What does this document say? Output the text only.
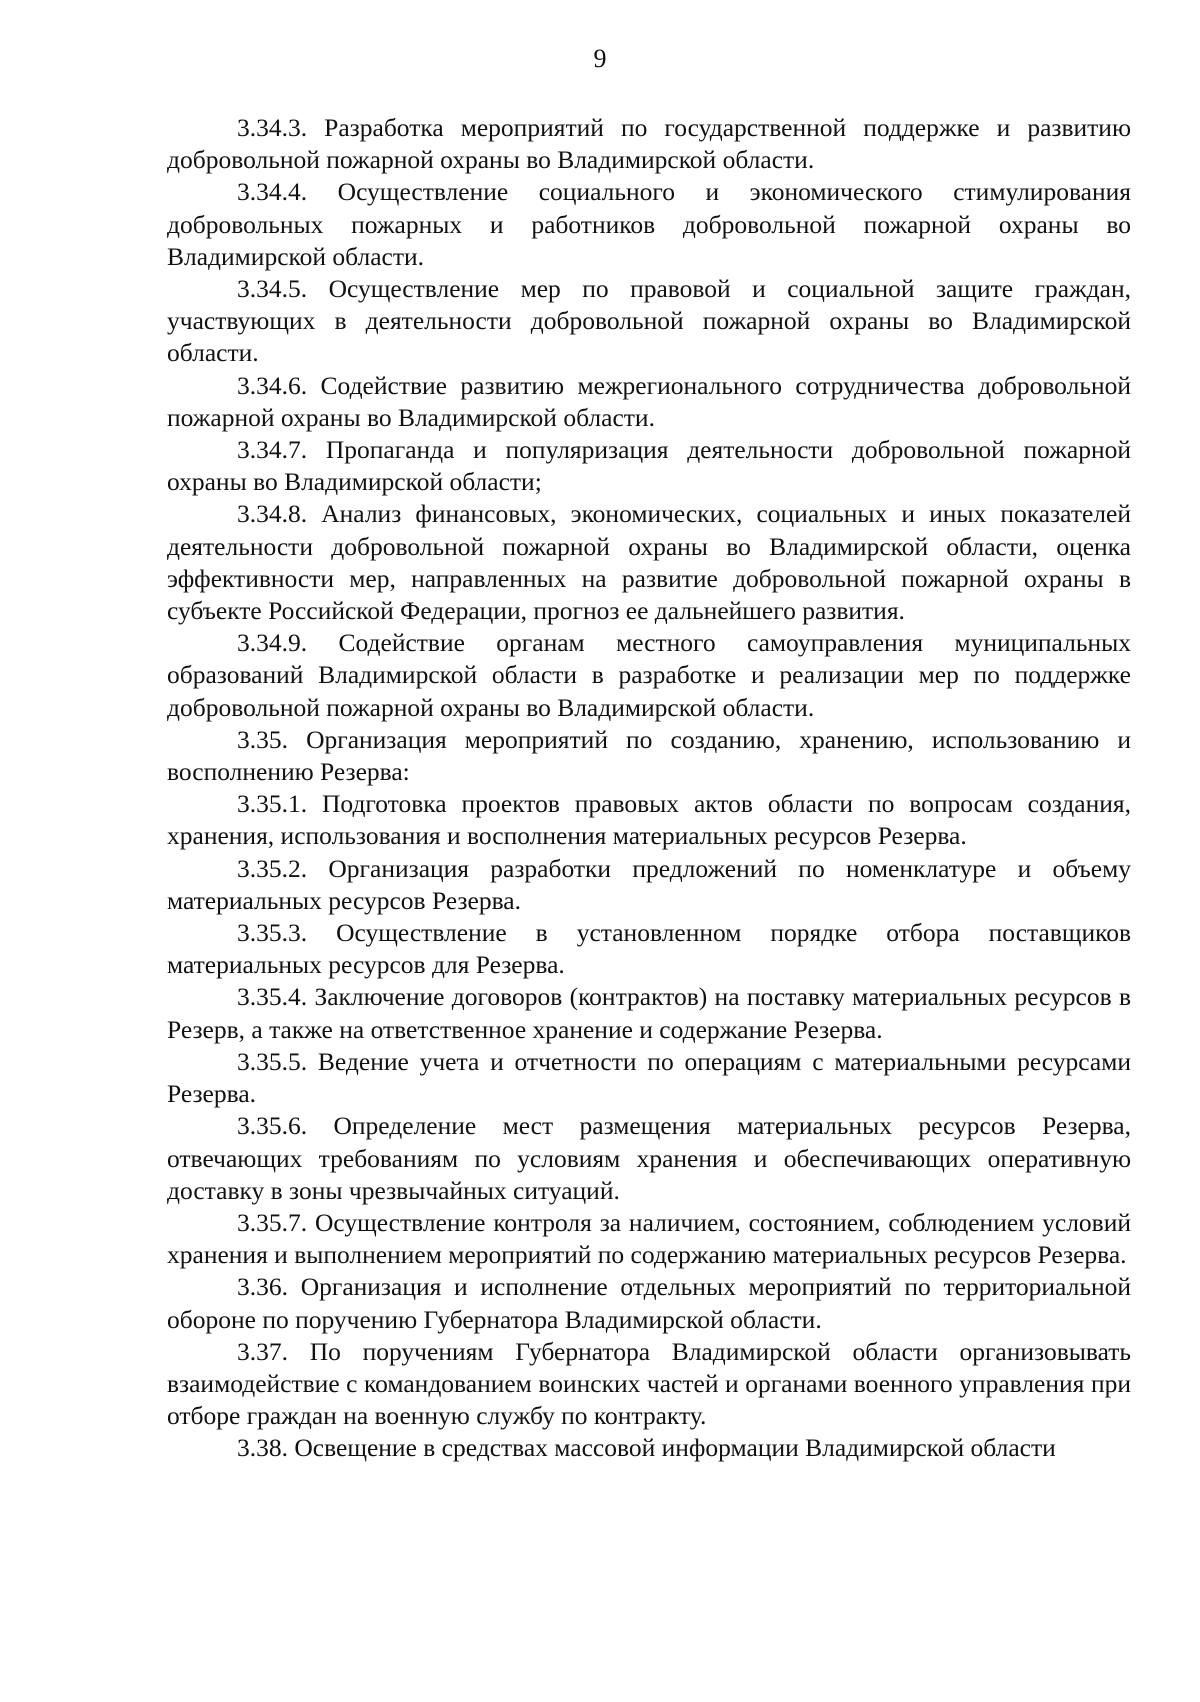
9

3.34.3. Разработка мероприятий по государственной поддержке и развитию добровольной пожарной охраны во Владимирской области.

3.34.4. Осуществление социального и экономического стимулирования добровольных пожарных и работников добровольной пожарной охраны во Владимирской области.

3.34.5. Осуществление мер по правовой и социальной защите граждан, участвующих в деятельности добровольной пожарной охраны во Владимирской области.

3.34.6. Содействие развитию межрегионального сотрудничества добровольной пожарной охраны во Владимирской области.

3.34.7. Пропаганда и популяризация деятельности добровольной пожарной охраны во Владимирской области;

3.34.8. Анализ финансовых, экономических, социальных и иных показателей деятельности добровольной пожарной охраны во Владимирской области, оценка эффективности мер, направленных на развитие добровольной пожарной охраны в субъекте Российской Федерации, прогноз ее дальнейшего развития.

3.34.9. Содействие органам местного самоуправления муниципальных образований Владимирской области в разработке и реализации мер по поддержке добровольной пожарной охраны во Владимирской области.

3.35. Организация мероприятий по созданию, хранению, использованию и восполнению Резерва:

3.35.1. Подготовка проектов правовых актов области по вопросам создания, хранения, использования и восполнения материальных ресурсов Резерва.

3.35.2. Организация разработки предложений по номенклатуре и объему материальных ресурсов Резерва.

3.35.3. Осуществление в установленном порядке отбора поставщиков материальных ресурсов для Резерва.

3.35.4. Заключение договоров (контрактов) на поставку материальных ресурсов в Резерв, а также на ответственное хранение и содержание Резерва.

3.35.5. Ведение учета и отчетности по операциям с материальными ресурсами Резерва.

3.35.6. Определение мест размещения материальных ресурсов Резерва, отвечающих требованиям по условиям хранения и обеспечивающих оперативную доставку в зоны чрезвычайных ситуаций.

3.35.7. Осуществление контроля за наличием, состоянием, соблюдением условий хранения и выполнением мероприятий по содержанию материальных ресурсов Резерва.

3.36. Организация и исполнение отдельных мероприятий по территориальной обороне по поручению Губернатора Владимирской области.

3.37. По поручениям Губернатора Владимирской области организовывать взаимодействие с командованием воинских частей и органами военного управления при отборе граждан на военную службу по контракту.

3.38. Освещение в средствах массовой информации Владимирской области
